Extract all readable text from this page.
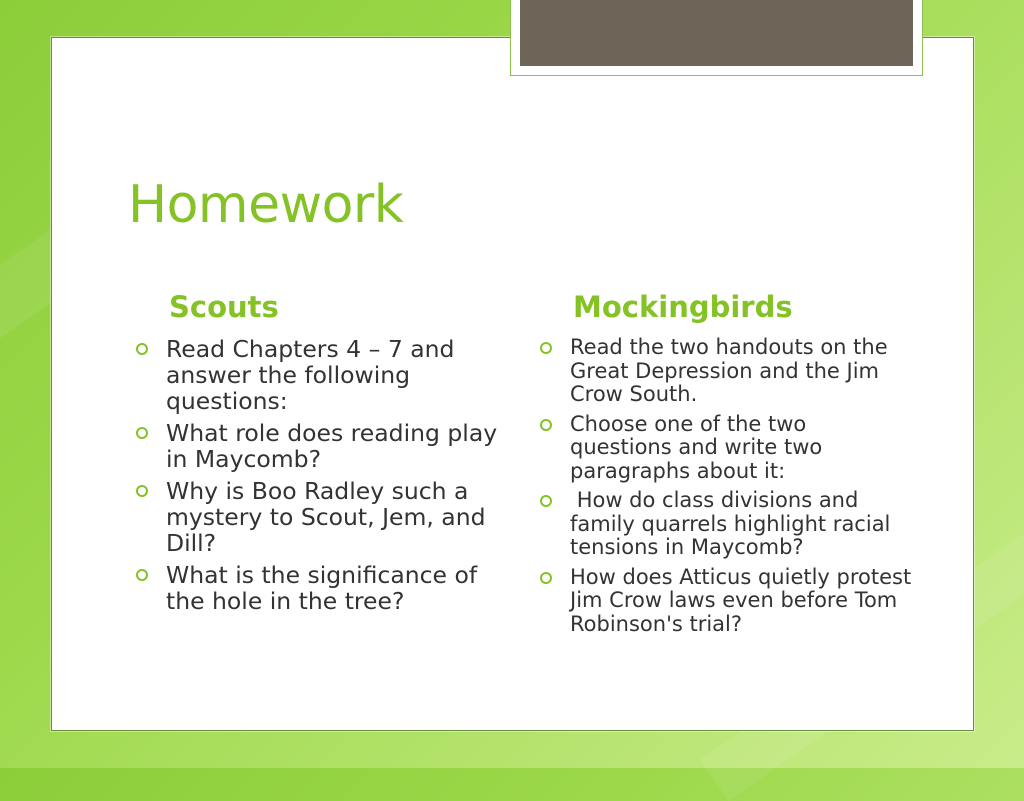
Homework
Scouts	Mockingbirds
Read Chapters 4 – 7 and answer the following questions:
What role does reading play in Maycomb?
Why is Boo Radley such a mystery to Scout, Jem, and Dill?
What is the significance of the hole in the tree?
Read the two handouts on the Great Depression and the Jim Crow South.
Choose one of the two questions and write two paragraphs about it:
How do class divisions and family quarrels highlight racial tensions in Maycomb?
How does Atticus quietly protest Jim Crow laws even before Tom Robinson's trial?
